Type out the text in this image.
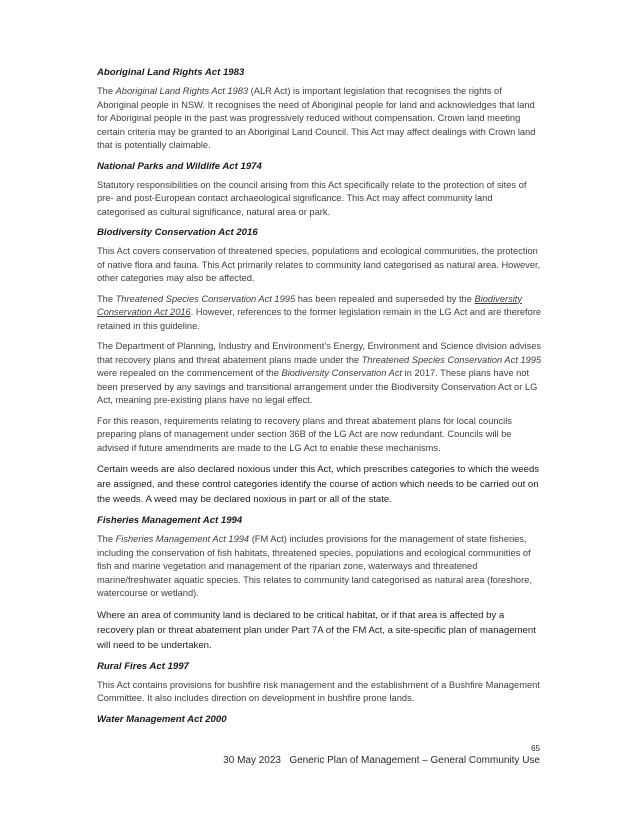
Aboriginal Land Rights Act 1983

The Aboriginal Land Rights Act 1983 (ALR Act) is important legislation that recognises the rights of Aboriginal people in NSW. It recognises the need of Aboriginal people for land and acknowledges that land for Aboriginal people in the past was progressively reduced without compensation. Crown land meeting certain criteria may be granted to an Aboriginal Land Council. This Act may affect dealings with Crown land that is potentially claimable.

National Parks and Wildlife Act 1974

Statutory responsibilities on the council arising from this Act specifically relate to the protection of sites of pre- and post-European contact archaeological significance. This Act may affect community land categorised as cultural significance, natural area or park.

Biodiversity Conservation Act 2016

This Act covers conservation of threatened species, populations and ecological communities, the protection of native flora and fauna. This Act primarily relates to community land categorised as natural area. However, other categories may also be affected.

The Threatened Species Conservation Act 1995 has been repealed and superseded by the Biodiversity Conservation Act 2016. However, references to the former legislation remain in the LG Act and are therefore retained in this guideline.

The Department of Planning, Industry and Environment’s Energy, Environment and Science division advises that recovery plans and threat abatement plans made under the Threatened Species Conservation Act 1995 were repealed on the commencement of the Biodiversity Conservation Act in 2017. These plans have not been preserved by any savings and transitional arrangement under the Biodiversity Conservation Act or LG Act, meaning pre-existing plans have no legal effect.

For this reason, requirements relating to recovery plans and threat abatement plans for local councils preparing plans of management under section 36B of the LG Act are now redundant. Councils will be advised if future amendments are made to the LG Act to enable these mechanisms.

Certain weeds are also declared noxious under this Act, which prescribes categories to which the weeds are assigned, and these control categories identify the course of action which needs to be carried out on the weeds. A weed may be declared noxious in part or all of the state.

Fisheries Management Act 1994

The Fisheries Management Act 1994 (FM Act) includes provisions for the management of state fisheries, including the conservation of fish habitats, threatened species, populations and ecological communities of fish and marine vegetation and management of the riparian zone, waterways and threatened marine/freshwater aquatic species. This relates to community land categorised as natural area (foreshore, watercourse or wetland).

Where an area of community land is declared to be critical habitat, or if that area is affected by a recovery plan or threat abatement plan under Part 7A of the FM Act, a site-specific plan of management will need to be undertaken.

Rural Fires Act 1997

This Act contains provisions for bushfire risk management and the establishment of a Bushfire Management Committee. It also includes direction on development in bushfire prone lands.

Water Management Act 2000
65
30 May 2023   Generic Plan of Management – General Community Use
